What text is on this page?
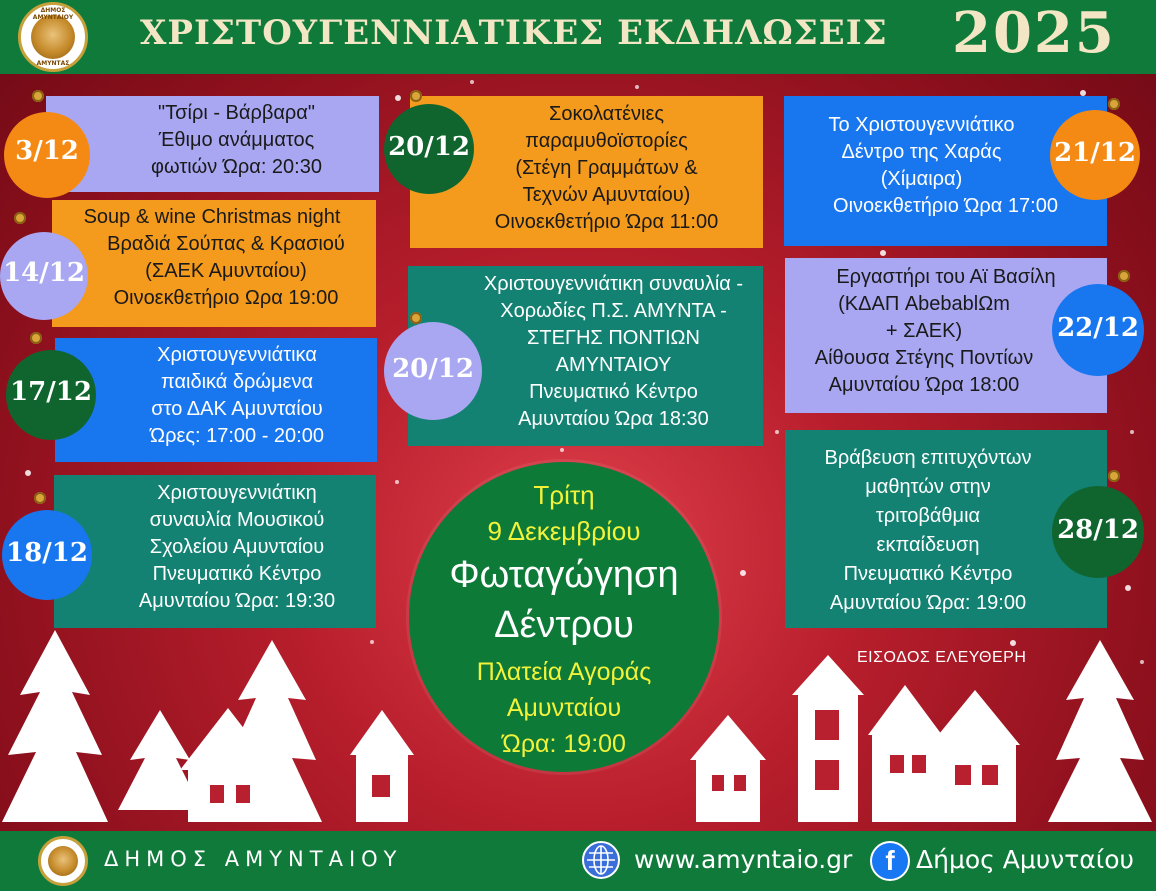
ΔΗΜΟΣ ΑΜΥΝΤΑΙΟΥ
ΑΜΥΝΤΑΣ
ΧΡΙΣΤΟΥΓΕΝΝΙΑΤΙΚΕΣ ΕΚΔΗΛΩΣΕΙΣ 2025
"Τσίρι - Βάρβαρα"
Έθιμο ανάμματος
φωτιών Ώρα: 20:30
3/12
Soup & wine Christmas night
Βραδιά Σούπας & Κρασιού
(ΣΑΕΚ Αμυνταίου)
Οινοεκθετήριο Ωρα 19:00
14/12
Χριστουγεννιάτικα
παιδικά δρώμενα
στο ΔΑΚ Αμυνταίου
Ώρες: 17:00 - 20:00
17/12
Χριστουγεννιάτικη
συναυλία Μουσικού
Σχολείου Αμυνταίου
Πνευματικό Κέντρο
Αμυνταίου Ώρα: 19:30
18/12
Σοκολατένιες
παραμυθοϊστορίες
(Στέγη Γραμμάτων &
Τεχνών Αμυνταίου)
Οινοεκθετήριο Ώρα 11:00
20/12
Χριστουγεννιάτικη συναυλία -
Χορωδίες Π.Σ. ΑΜΥΝΤΑ -
ΣΤΕΓΗΣ ΠΟΝΤΙΩΝ
ΑΜΥΝΤΑΙΟΥ
Πνευματικό Κέντρο
Αμυνταίου Ώρα 18:30
20/12
Το Χριστουγεννιάτικο
Δέντρο της Χαράς
(Χίμαιρα)
Οινοεκθετήριο Ώρα 17:00
21/12
Εργαστήρι του Αϊ Βασίλη
(ΚΔΑΠ AbebablΩm
+ ΣΑΕΚ)
Αίθουσα Στέγης Ποντίων
Αμυνταίου Ώρα 18:00
22/12
Βράβευση επιτυχόντων
μαθητών στην
τριτοβάθμια
εκπαίδευση
Πνευματικό Κέντρο
Αμυνταίου Ώρα: 19:00
28/12
Τρίτη
9 Δεκεμβρίου
Φωταγώγηση
Δέντρου
Πλατεία Αγοράς
Αμυνταίου
Ώρα: 19:00
ΕΙΣΟΔΟΣ ΕΛΕΥΘΕΡΗ
ΔΗΜΟΣ ΑΜΥΝΤΑΙΟΥ	www.amyntaio.gr	f Δήμος Αμυνταίου
